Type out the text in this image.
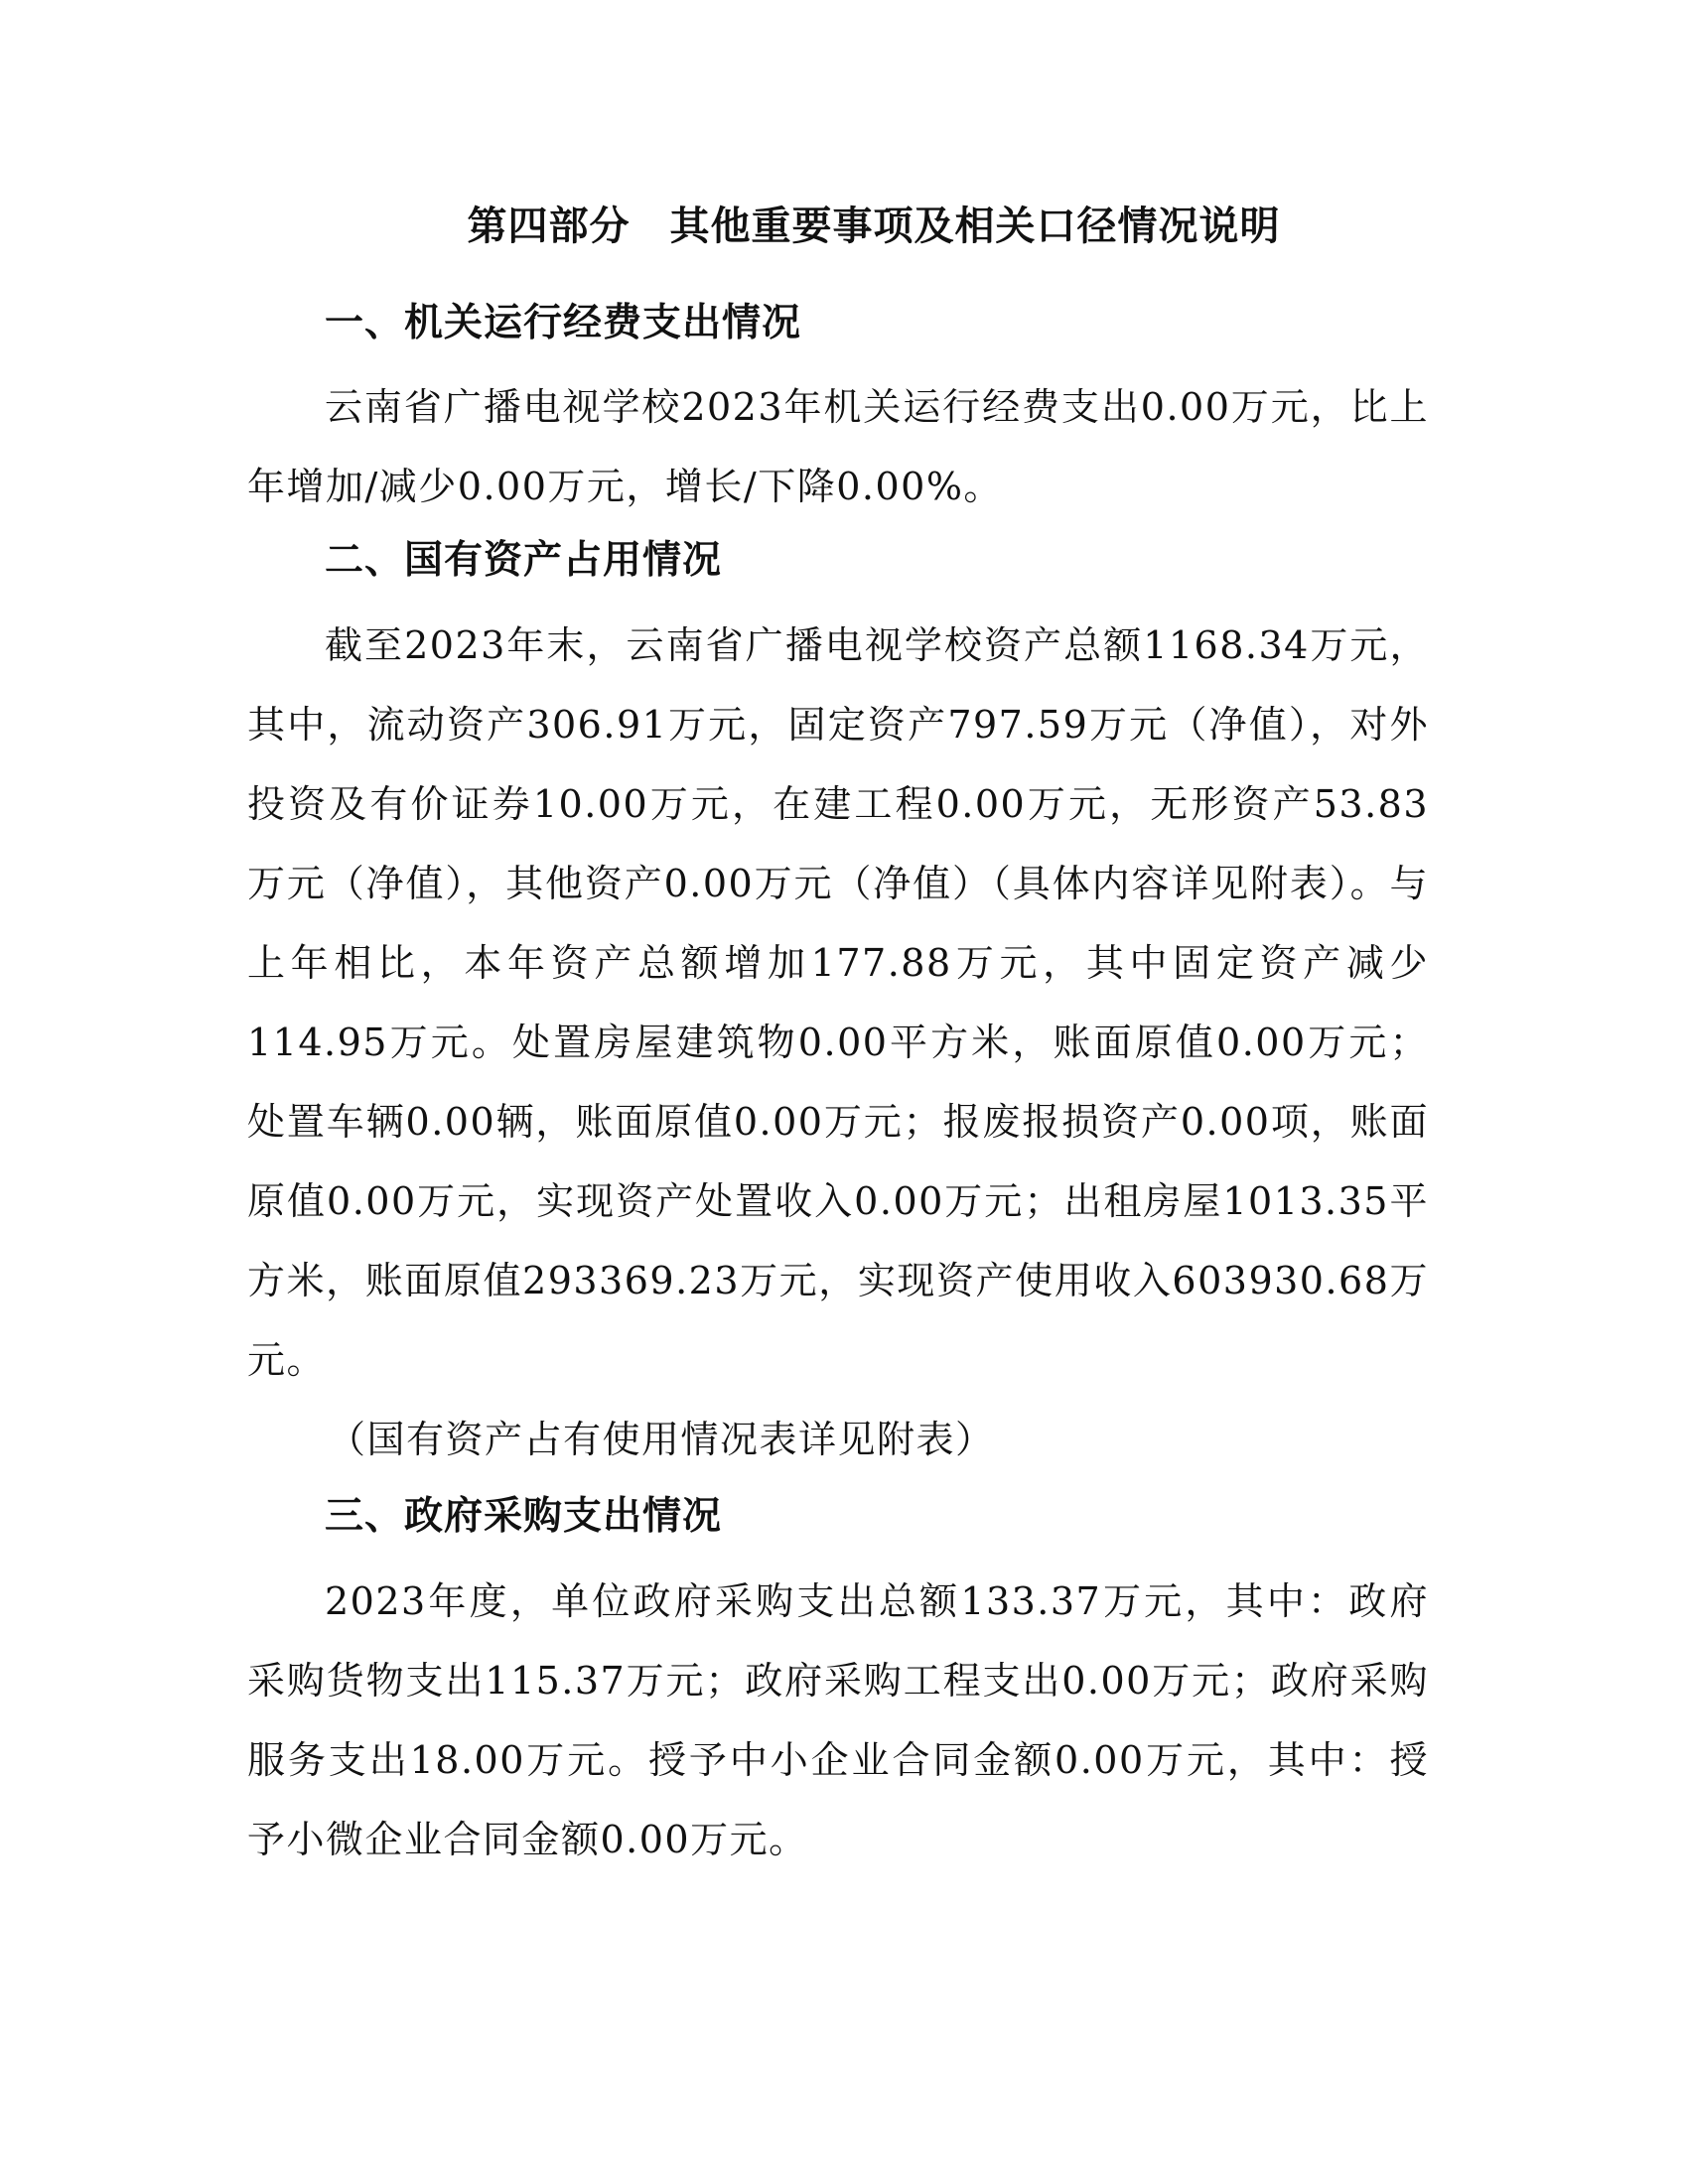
第四部分 其他重要事项及相关口径情况说明
一、机关运行经费支出情况

云南省广播电视学校2023年机关运行经费支出0.00万元，比上年增加/减少0.00万元，增长/下降0.00%。

二、国有资产占用情况

截至2023年末，云南省广播电视学校资产总额1168.34万元，其中，流动资产306.91万元，固定资产797.59万元（净值），对外投资及有价证券10.00万元，在建工程0.00万元，无形资产53.83万元（净值），其他资产0.00万元（净值）（具体内容详见附表）。与上年相比，本年资产总额增加177.88万元，其中固定资产减少114.95万元。处置房屋建筑物0.00平方米，账面原值0.00万元；处置车辆0.00辆，账面原值0.00万元；报废报损资产0.00项，账面原值0.00万元，实现资产处置收入0.00万元；出租房屋1013.35平方米，账面原值293369.23万元，实现资产使用收入603930.68万元。

（国有资产占有使用情况表详见附表）
三、政府采购支出情况

2023年度，单位政府采购支出总额133.37万元，其中：政府采购货物支出115.37万元；政府采购工程支出0.00万元；政府采购服务支出18.00万元。授予中小企业合同金额0.00万元，其中：授予小微企业合同金额0.00万元。
